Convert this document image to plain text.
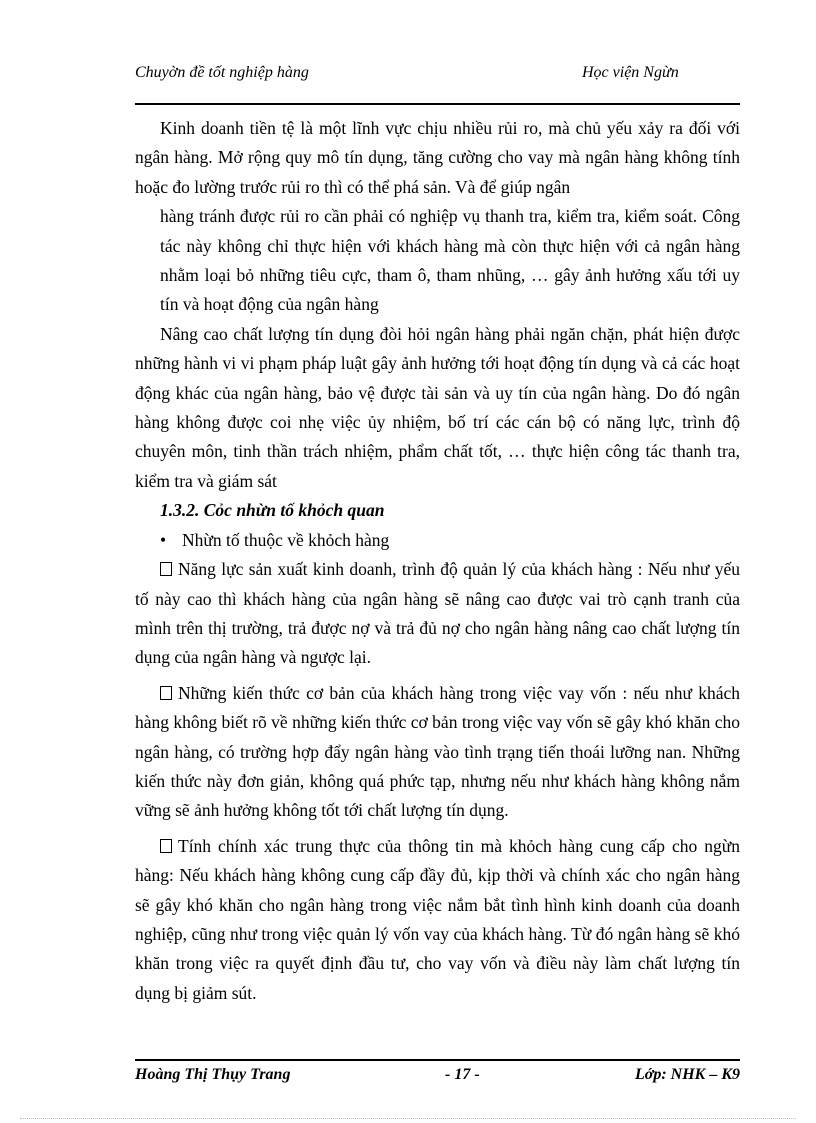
Chuyờn đề tốt nghiệp hàng	Học viện Ngừn

Kinh doanh tiền tệ là một lĩnh vực chịu nhiều rủi ro, mà chủ yếu xảy ra đối với ngân hàng. Mở rộng quy mô tín dụng, tăng cường cho vay mà ngân hàng không tính hoặc đo lường trước rủi ro thì có thể phá sản. Và để giúp ngân

hàng tránh được rủi ro cần phải có nghiệp vụ thanh tra, kiểm tra, kiểm soát. Công tác này không chỉ thực hiện với khách hàng mà còn thực hiện với cả ngân hàng nhằm loại bỏ những tiêu cực, tham ô, tham nhũng, … gây ảnh hưởng xấu tới uy tín và hoạt động của ngân hàng

Nâng cao chất lượng tín dụng đòi hỏi ngân hàng phải ngăn chặn, phát hiện được những hành vi vi phạm pháp luật gây ảnh hưởng tới hoạt động tín dụng và cả các hoạt động khác của ngân hàng, bảo vệ được tài sản và uy tín của ngân hàng. Do đó ngân hàng không được coi nhẹ việc ủy nhiệm, bố trí các cán bộ có năng lực, trình độ chuyên môn, tinh thần trách nhiệm, phẩm chất tốt, … thực hiện công tác thanh tra, kiểm tra và giám sát

1.3.2. Cỏc nhừn tố khỏch quan

• Nhừn tố thuộc về khỏch hàng

Năng lực sản xuất kinh doanh, trình độ quản lý của khách hàng : Nếu như yếu tố này cao thì khách hàng của ngân hàng sẽ nâng cao được vai trò cạnh tranh của mình trên thị trường, trả được nợ và trả đủ nợ cho ngân hàng nâng cao chất lượng tín dụng của ngân hàng và ngược lại.

Những kiến thức cơ bản của khách hàng trong việc vay vốn : nếu như khách hàng không biết rõ về những kiến thức cơ bản trong việc vay vốn sẽ gây khó khăn cho ngân hàng, có trường hợp đẩy ngân hàng vào tình trạng tiến thoái lưỡng nan. Những kiến thức này đơn giản, không quá phức tạp, nhưng nếu như khách hàng không nắm vững sẽ ảnh hưởng không tốt tới chất lượng tín dụng.

Tính chính xác trung thực của thông tin mà khỏch hàng cung cấp cho ngừn hàng: Nếu khách hàng không cung cấp đầy đủ, kịp thời và chính xác cho ngân hàng sẽ gây khó khăn cho ngân hàng trong việc nắm bắt tình hình kinh doanh của doanh nghiệp, cũng như trong việc quản lý vốn vay của khách hàng. Từ đó ngân hàng sẽ khó khăn trong việc ra quyết định đầu tư, cho vay vốn và điều này làm chất lượng tín dụng bị giảm sút.

Hoàng Thị Thụy Trang	- 17 -	Lớp: NHK – K9
